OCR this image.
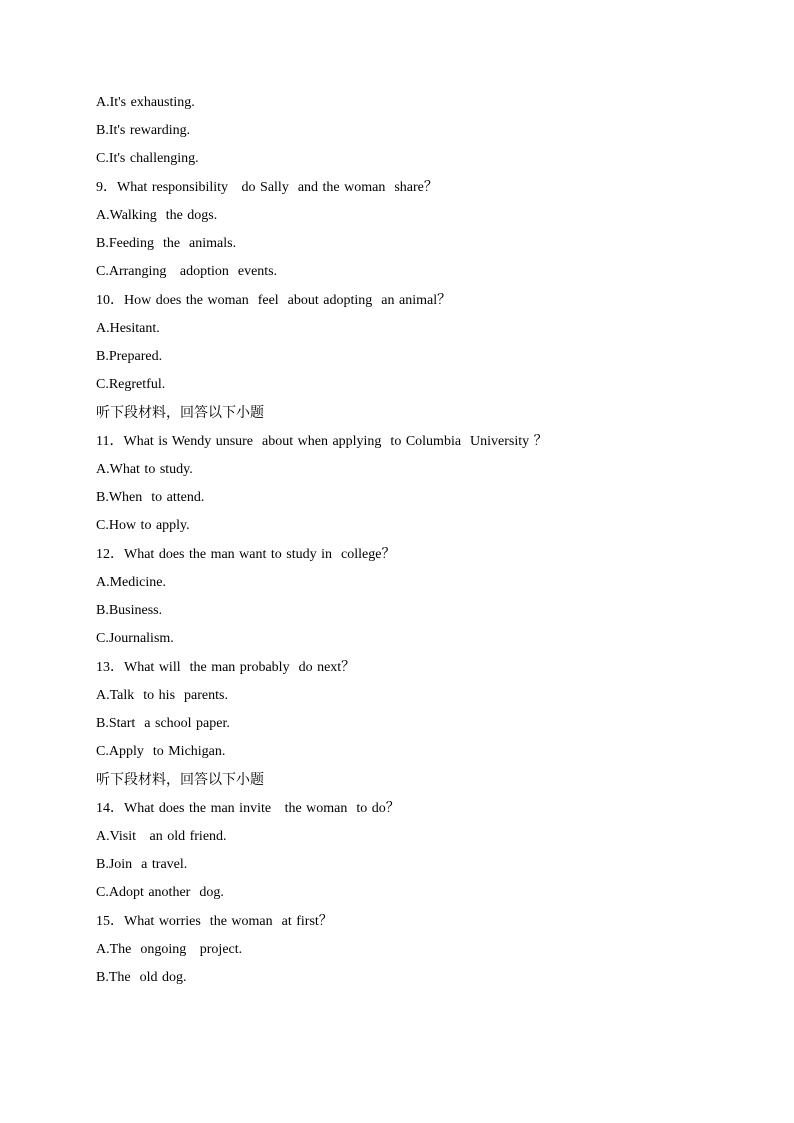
A.It's exhausting.
B.It's rewarding.
C.It's challenging.
9．What responsibility   do Sally  and the woman  share？
A.Walking  the dogs.
B.Feeding  the  animals.
C.Arranging   adoption  events.
10．How does the woman  feel  about adopting  an animal？
A.Hesitant.
B.Prepared.
C.Regretful.
听下段材料，回答以下小题
11．What is Wendy unsure  about when applying  to Columbia  University ？
A.What to study.
B.When  to attend.
C.How to apply.
12．What does the man want to study in  college？
A.Medicine.
B.Business.
C.Journalism.
13．What will  the man probably  do next？
A.Talk  to his  parents.
B.Start  a school paper.
C.Apply  to Michigan.
听下段材料，回答以下小题
14．What does the man invite   the woman  to do？
A.Visit   an old friend.
B.Join  a travel.
C.Adopt another  dog.
15．What worries  the woman  at first？
A.The  ongoing   project.
B.The  old dog.
